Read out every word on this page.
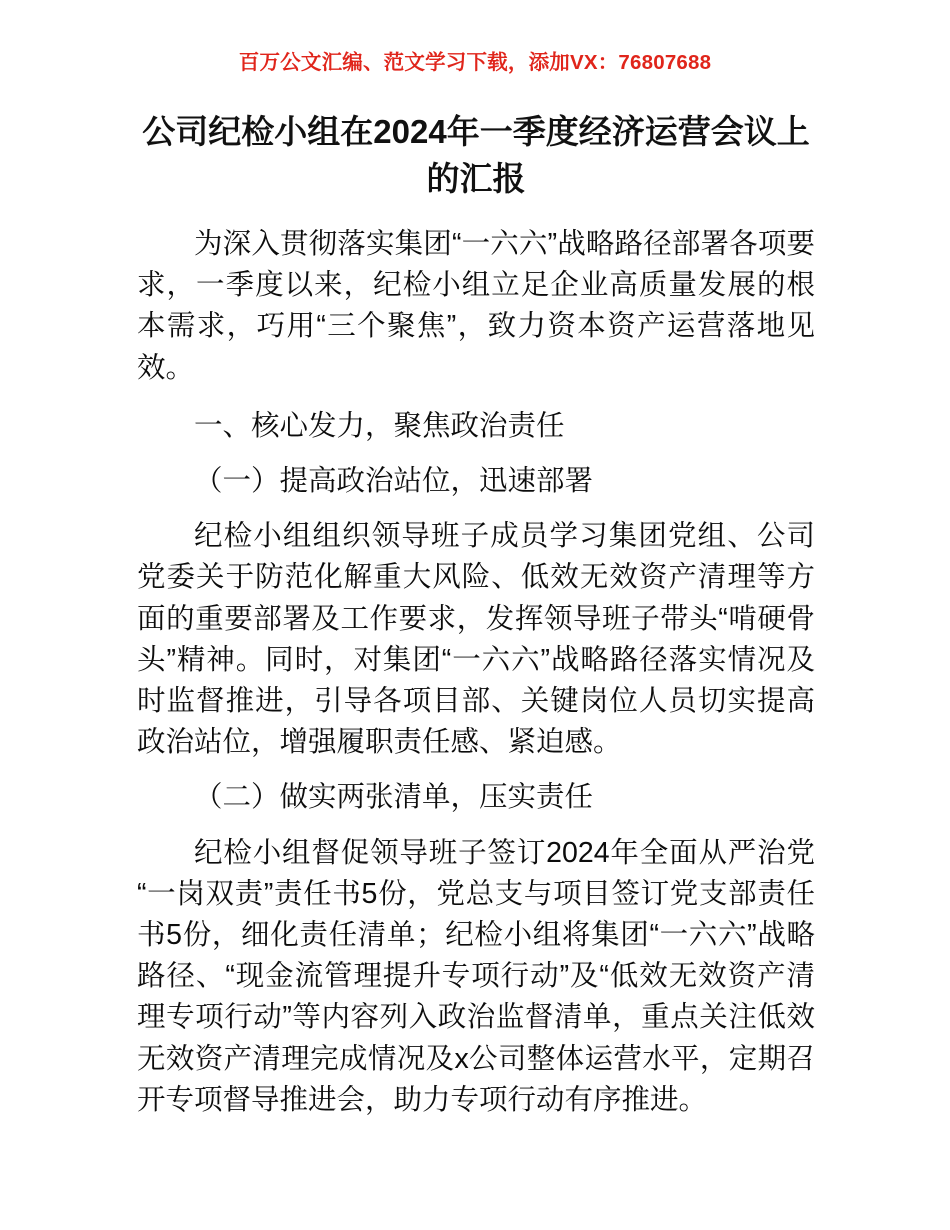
百万公文汇编、范文学习下载，添加VX：76807688
公司纪检小组在2024年一季度经济运营会议上的汇报

为深入贯彻落实集团“一六六”战略路径部署各项要求，一季度以来，纪检小组立足企业高质量发展的根本需求，巧用“三个聚焦”，致力资本资产运营落地见效。

一、核心发力，聚焦政治责任

（一）提高政治站位，迅速部署

纪检小组组织领导班子成员学习集团党组、公司党委关于防范化解重大风险、低效无效资产清理等方面的重要部署及工作要求，发挥领导班子带头“啃硬骨头”精神。同时，对集团“一六六”战略路径落实情况及时监督推进，引导各项目部、关键岗位人员切实提高政治站位，增强履职责任感、紧迫感。

（二）做实两张清单，压实责任

纪检小组督促领导班子签订2024年全面从严治党“一岗双责”责任书5份，党总支与项目签订党支部责任书5份，细化责任清单；纪检小组将集团“一六六”战略路径、“现金流管理提升专项行动”及“低效无效资产清理专项行动”等内容列入政治监督清单，重点关注低效无效资产清理完成情况及x公司整体运营水平，定期召开专项督导推进会，助力专项行动有序推进。
